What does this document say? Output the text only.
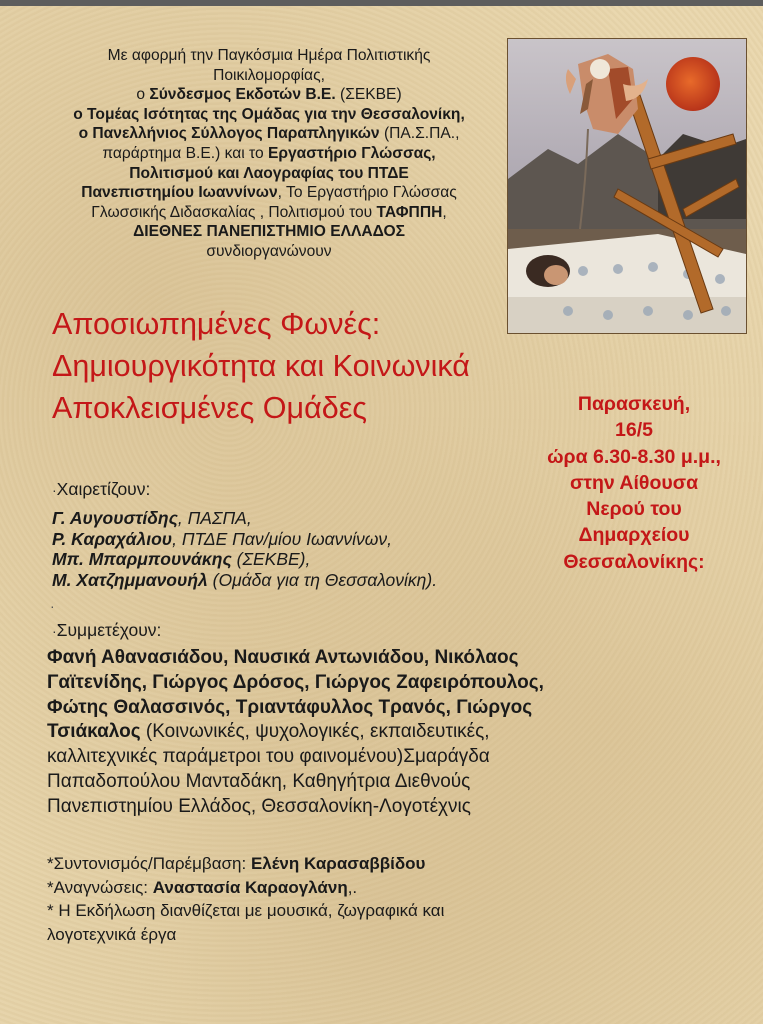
Με αφορμή την Παγκόσμια Ημέρα Πολιτιστικής

Ποικιλομορφίας,

ο Σύνδεσμος Εκδοτών Β.Ε. (ΣΕΚΒΕ)

ο Τομέας Ισότητας της Ομάδας για την Θεσσαλονίκη,

ο Πανελλήνιος Σύλλογος Παραπληγικών (ΠΑ.Σ.ΠΑ.,

παράρτημα Β.Ε.) και το Εργαστήριο Γλώσσας,

Πολιτισμού και Λαογραφίας του ΠΤΔΕ

Πανεπιστημίου Ιωαννίνων, Το Εργαστήριο Γλώσσας

Γλωσσικής Διδασκαλίας , Πολιτισμού του ΤΑΦΠΠΗ,

ΔΙΕΘΝΕΣ ΠΑΝΕΠΙΣΤΗΜΙΟ ΕΛΛΑΔΟΣ

συνδιοργανώνουν

Αποσιωπημένες Φωνές:
Δημιουργικότητα και Κοινωνικά
Αποκλεισμένες Ομάδες	Παρασκευή,
16/5
ώρα 6.30-8.30 μ.μ.,
στην Αίθουσα
Νερού του
Δημαρχείου
Θεσσαλονίκης:
·Χαιρετίζουν:
Γ. Αυγουστίδης, ΠΑΣΠΑ,
Ρ. Καραχάλιου, ΠΤΔΕ Παν/μίου Ιωαννίνων,
Μπ. Μπαρμπουνάκης (ΣΕΚΒΕ),
Μ. Χατζημμανουήλ (Ομάδα για τη Θεσσαλονίκη).
·
·Συμμετέχουν:
Φανή Αθανασιάδου, Ναυσικά Αντωνιάδου, Νικόλαος
Γαϊτενίδης, Γιώργος Δρόσος, Γιώργος Ζαφειρόπουλος,
Φώτης Θαλασσινός, Τριαντάφυλλος Τρανός, Γιώργος
Τσιάκαλος (Κοινωνικές, ψυχολογικές, εκπαιδευτικές,
καλλιτεχνικές παράμετροι του φαινομένου)Σμαράγδα
Παπαδοπούλου Μανταδάκη, Καθηγήτρια Διεθνούς
Πανεπιστημίου Ελλάδος, Θεσσαλονίκη-Λογοτέχνις
*Συντονισμός/Παρέμβαση: Ελένη Καρασαββίδου
*Αναγνώσεις: Αναστασία Καραογλάνη,.
* Η Εκδήλωση διανθίζεται με μουσικά, ζωγραφικά και
λογοτεχνικά έργα
